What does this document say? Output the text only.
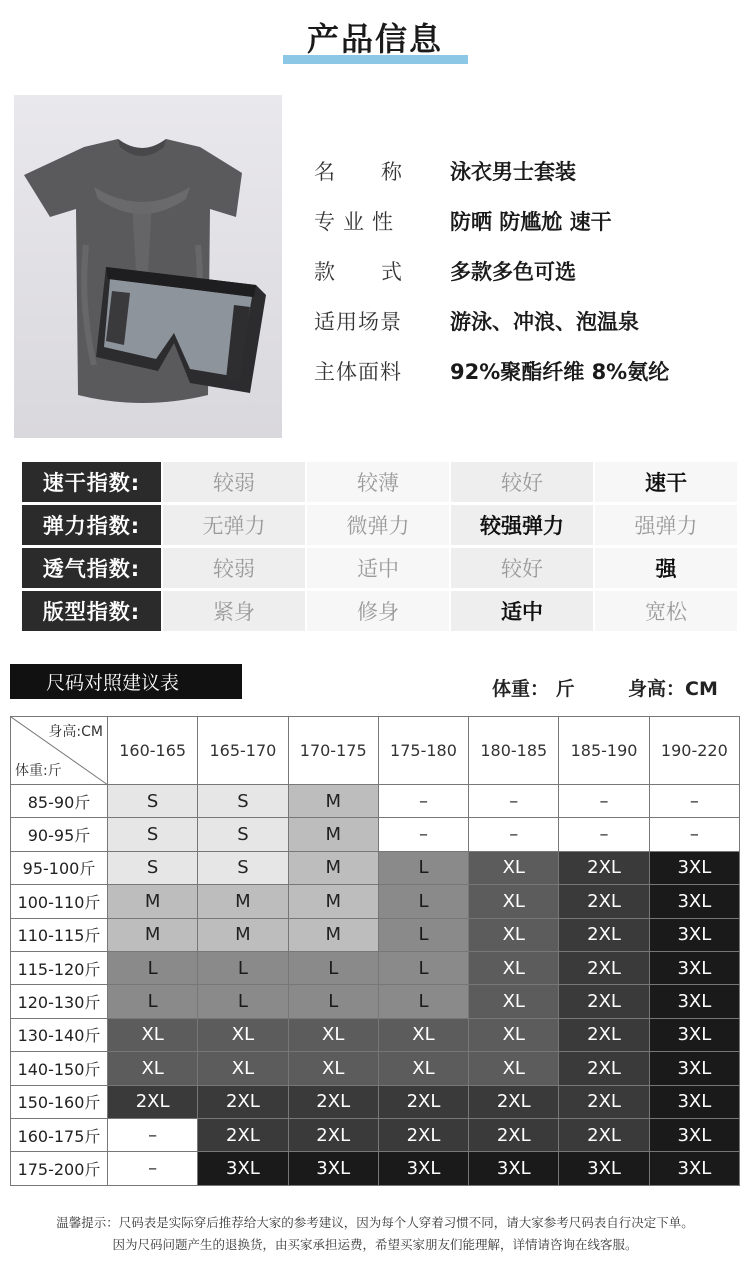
产品信息
名称 泳衣男士套装
专业性	防晒 防尴尬 速干
款式 多款多色可选
适用场景	游泳、冲浪、泡温泉
主体面料	92%聚酯纤维 8%氨纶
速干指数:	较弱	较薄	较好	速干
弹力指数:	无弹力	微弹力	较强弹力	强弹力
透气指数:	较弱	适中	较好	强
版型指数:	紧身	修身	适中	宽松
尺码对照建议表	体重： 斤	身高：CM
身高:CM
体重:斤	160-165	165-170	170-175	175-180	180-185	185-190	190-220
85-90斤	S	S	M	–	–	–	–
90-95斤	S	S	M	–	–	–	–
95-100斤	S	S	M	L	XL	2XL	3XL
100-110斤	M	M	M	L	XL	2XL	3XL
110-115斤	M	M	M	L	XL	2XL	3XL
115-120斤	L	L	L	L	XL	2XL	3XL
120-130斤	L	L	L	L	XL	2XL	3XL
130-140斤	XL	XL	XL	XL	XL	2XL	3XL
140-150斤	XL	XL	XL	XL	XL	2XL	3XL
150-160斤	2XL	2XL	2XL	2XL	2XL	2XL	3XL
160-175斤	–	2XL	2XL	2XL	2XL	2XL	3XL
175-200斤	–	3XL	3XL	3XL	3XL	3XL	3XL
温馨提示：尺码表是实际穿后推荐给大家的参考建议，因为每个人穿着习惯不同，请大家参考尺码表自行决定下单。
因为尺码问题产生的退换货，由买家承担运费，希望买家朋友们能理解，详情请咨询在线客服。
